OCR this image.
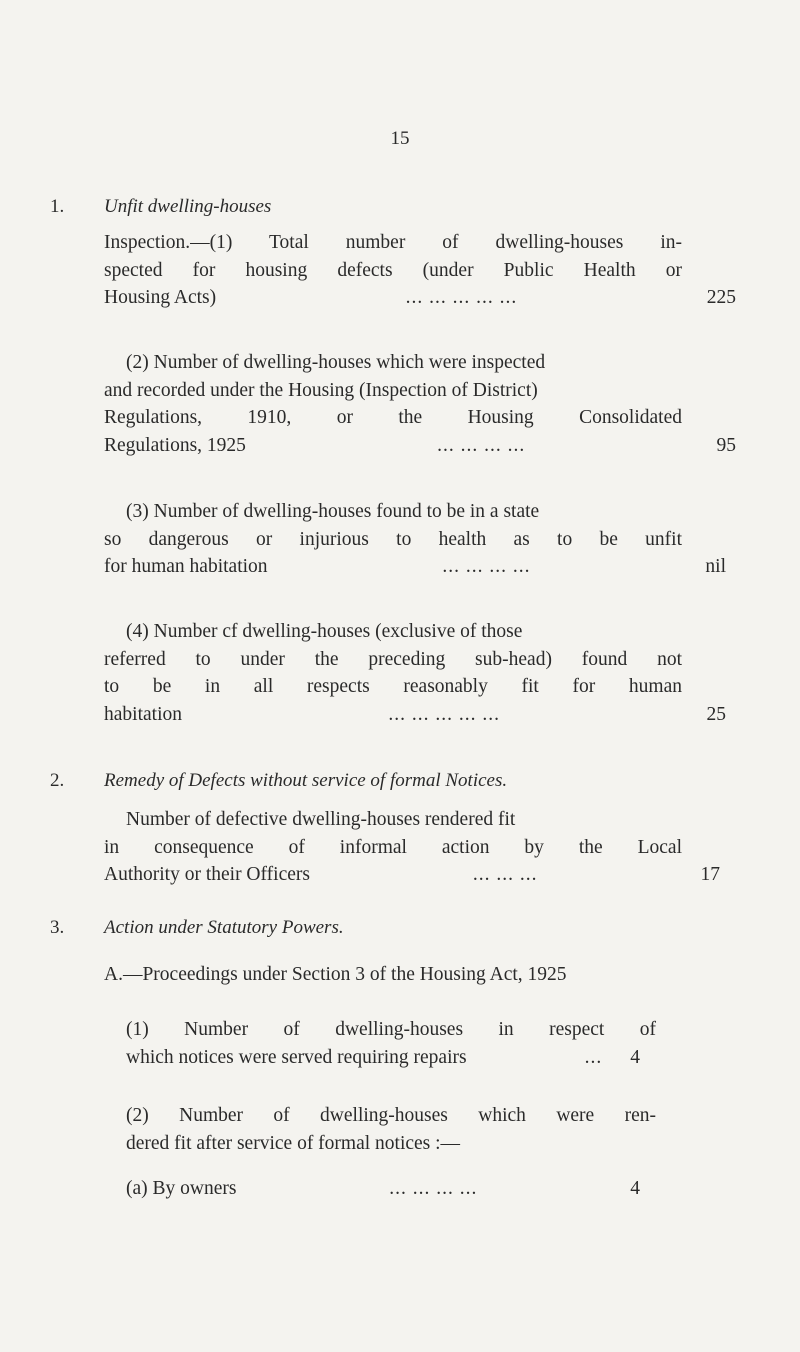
15
1. Unfit dwelling-houses
Inspection.—(1) Total number of dwelling-houses in-
spected for housing defects (under Public Health or
Housing Acts)	... ... ... ... ...	225
(2) Number of dwelling-houses which were inspected
and recorded under the Housing (Inspection of District)
Regulations, 1910, or the Housing Consolidated
Regulations, 1925	... ... ... ...	95
(3) Number of dwelling-houses found to be in a state
so dangerous or injurious to health as to be unfit
for human habitation	... ... ... ...	nil
(4) Number cf dwelling-houses (exclusive of those
referred to under the preceding sub-head) found not
to be in all respects reasonably fit for human
habitation	... ... ... ... ...	25
2. Remedy of Defects without service of formal Notices.
Number of defective dwelling-houses rendered fit
in consequence of informal action by the Local
Authority or their Officers	... ... ...	17
3. Action under Statutory Powers.
A.—Proceedings under Section 3 of the Housing Act, 1925
(1) Number of dwelling-houses in respect of
which notices were served requiring repairs	...	4
(2) Number of dwelling-houses which were ren-
dered fit after service of formal notices :—
(a) By owners	... ... ... ...	4
